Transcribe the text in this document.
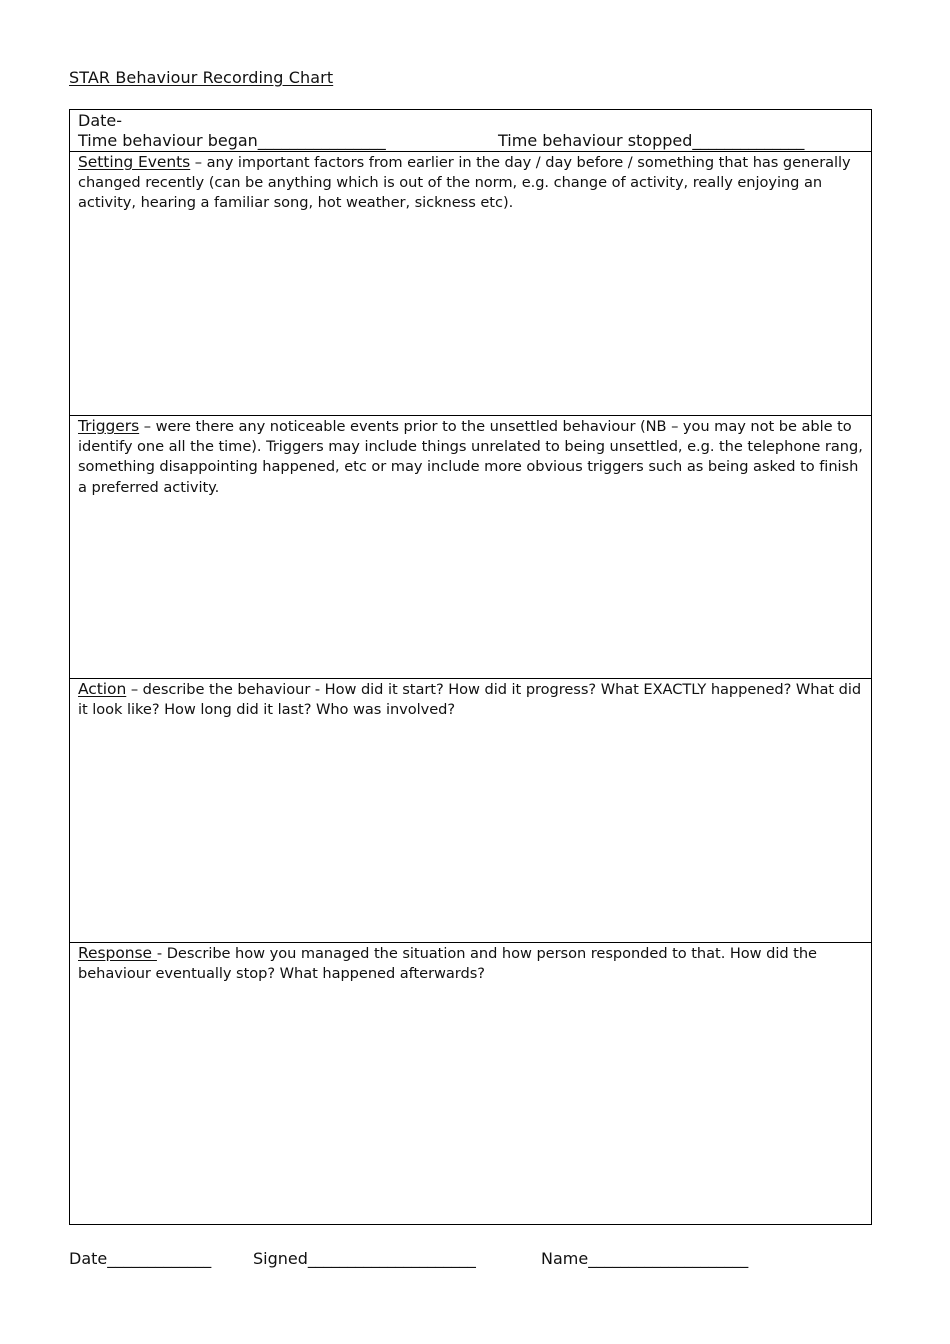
STAR Behaviour Recording Chart
Date-
Time behaviour began________________	Time behaviour stopped______________
Setting Events – any important factors from earlier in the day / day before / something that has generally changed recently (can be anything which is out of the norm, e.g. change of activity, really enjoying an activity, hearing a familiar song, hot weather, sickness etc).
Triggers – were there any noticeable events prior to the unsettled behaviour (NB – you may not be able to identify one all the time). Triggers may include things unrelated to being unsettled, e.g. the telephone rang, something disappointing happened, etc or may include more obvious triggers such as being asked to finish a preferred activity.
Action – describe the behaviour - How did it start? How did it progress? What EXACTLY happened? What did it look like? How long did it last? Who was involved?
Response - Describe how you managed the situation and how person responded to that. How did the behaviour eventually stop? What happened afterwards?
Date_____________	Signed_____________________	Name____________________
